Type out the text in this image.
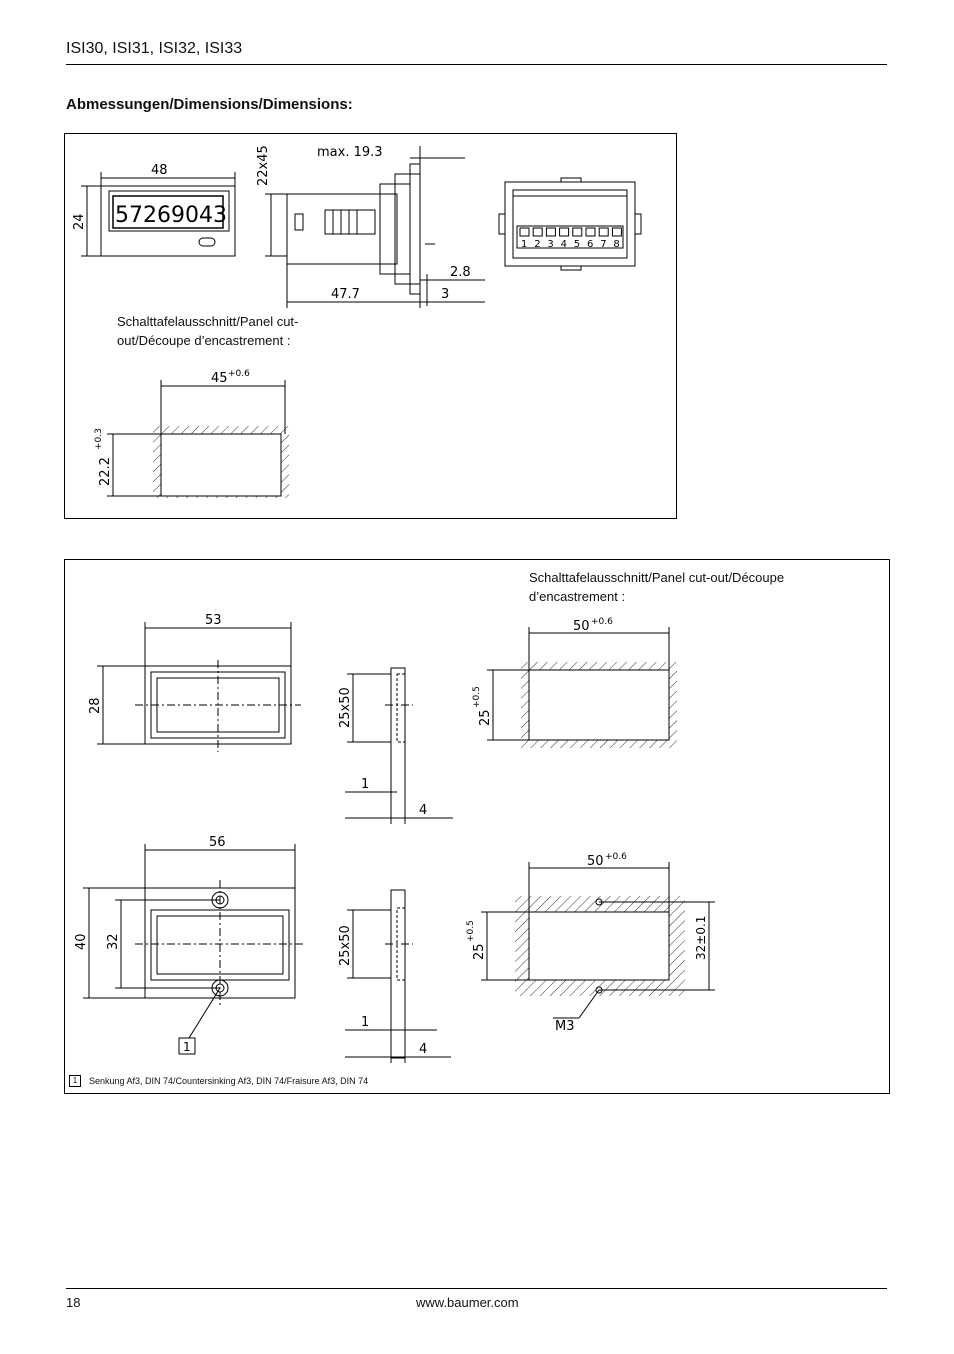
ISI30, ISI31, ISI32, ISI33
Abmessungen/Dimensions/Dimensions:
1 2 3 4 5 6 7 8
48
24
22x45	max. 19.3
2.8
47.7	3
57269043
45 +0.6
22.2
+0.3
Schalttafelausschnitt/Panel cut-out/Découpe d’encastrement :
53
28	25x50
1
4
50 +0.6
25
+0.5
56
40 32
1
25x50
1
4
50 +0.6
25
+0.5	32±0.1
M3
Schalttafelausschnitt/Panel cut-out/Découpe d’encastrement :
1	Senkung Af3, DIN 74/Countersinking Af3, DIN 74/Fraisure Af3, DIN 74
18	www.baumer.com
